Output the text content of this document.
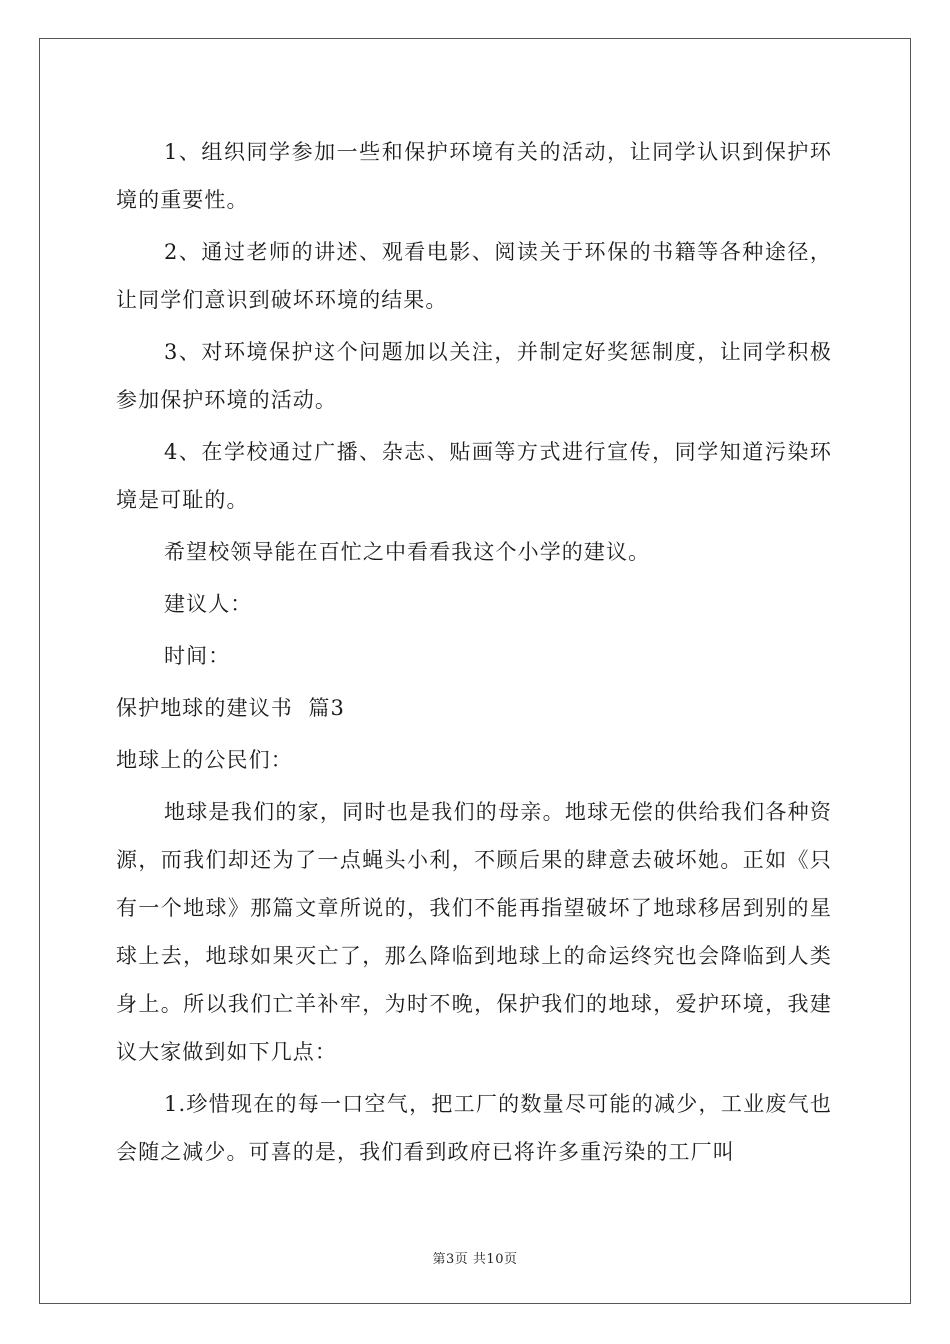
1、组织同学参加一些和保护环境有关的活动，让同学认识到保护环境的重要性。

2、通过老师的讲述、观看电影、阅读关于环保的书籍等各种途径，让同学们意识到破坏环境的结果。

3、对环境保护这个问题加以关注，并制定好奖惩制度，让同学积极参加保护环境的活动。

4、在学校通过广播、杂志、贴画等方式进行宣传，同学知道污染环境是可耻的。

希望校领导能在百忙之中看看我这个小学的建议。

建议人：

时间：

保护地球的建议书  篇3

地球上的公民们：

地球是我们的家，同时也是我们的母亲。地球无偿的供给我们各种资源，而我们却还为了一点蝇头小利，不顾后果的肆意去破坏她。正如《只有一个地球》那篇文章所说的，我们不能再指望破坏了地球移居到别的星球上去，地球如果灭亡了，那么降临到地球上的命运终究也会降临到人类身上。所以我们亡羊补牢，为时不晚，保护我们的地球，爱护环境，我建议大家做到如下几点：

1.珍惜现在的每一口空气，把工厂的数量尽可能的减少，工业废气也会随之减少。可喜的是，我们看到政府已将许多重污染的工厂叫

第3页 共10页
